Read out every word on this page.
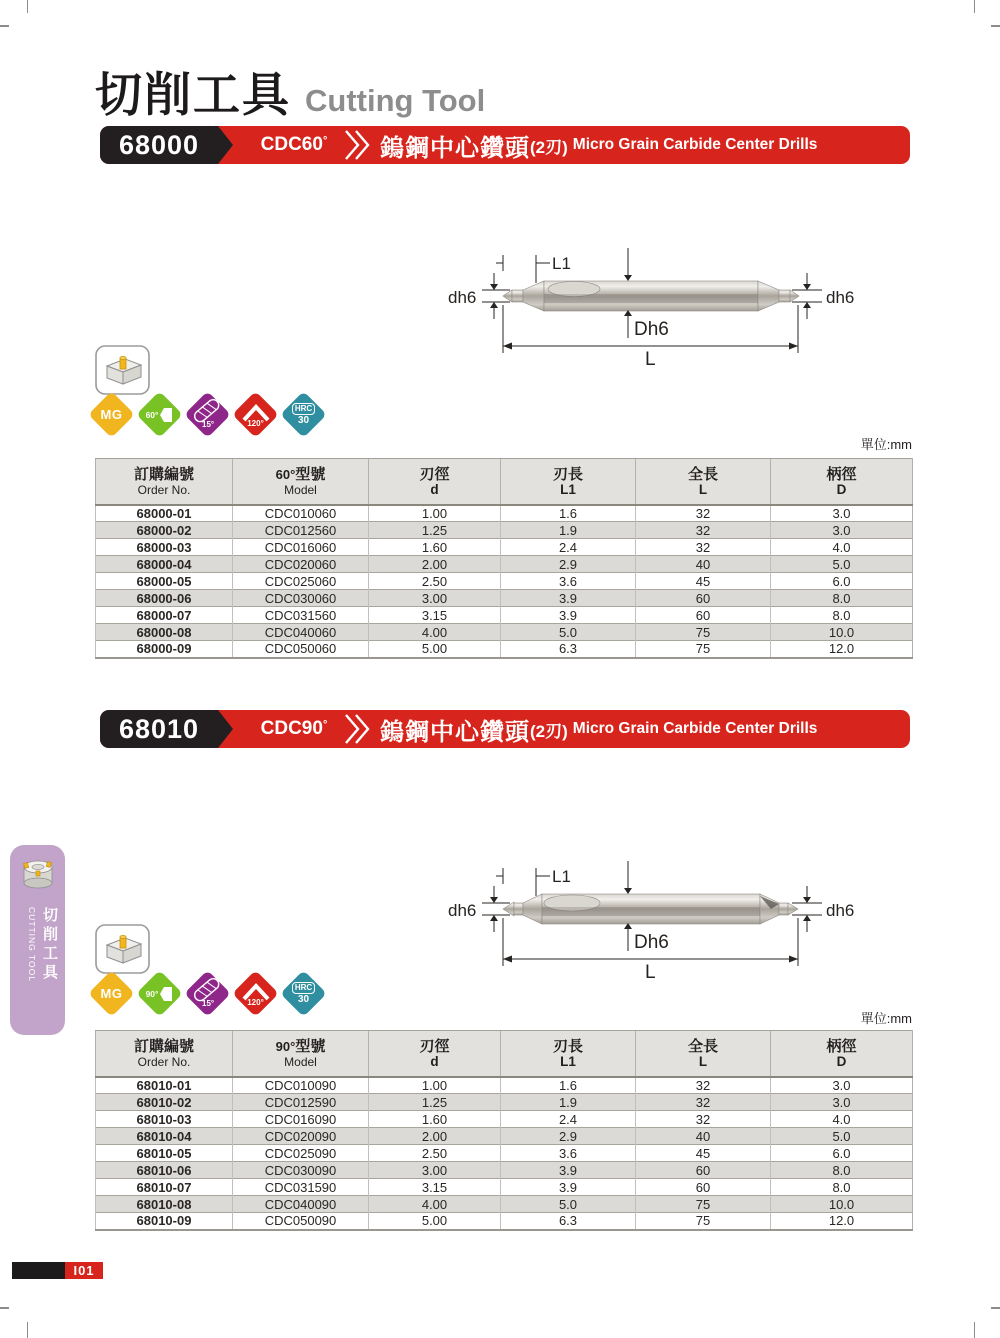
切削工具 Cutting Tool
68000	CDC60° 鎢鋼中心鑽頭 (2刃) Micro Grain Carbide Center Drills
L1
dh6	dh6
Dh6
L
MG	60°
15°	120°
HRC
30
單位:mm
訂購編號
Order No.

60°型號
Model

刃徑
d

刃長
L1

全長
L

柄徑
D

68000-01	CDC010060	1.00	1.6	32	3.0
68000-02	CDC012560	1.25	1.9	32	3.0
68000-03	CDC016060	1.60	2.4	32	4.0
68000-04	CDC020060	2.00	2.9	40	5.0
68000-05	CDC025060	2.50	3.6	45	6.0
68000-06	CDC030060	3.00	3.9	60	8.0
68000-07	CDC031560	3.15	3.9	60	8.0
68000-08	CDC040060	4.00	5.0	75	10.0
68000-09	CDC050060	5.00	6.3	75	12.0
68010	CDC90° 鎢鋼中心鑽頭 (2刃) Micro Grain Carbide Center Drills
L1
dh6	dh6
Dh6
L
MG	90°
15°	120°
HRC
30
單位:mm
訂購編號
Order No.

90°型號
Model

刃徑
d

刃長
L1

全長
L

柄徑
D

68010-01	CDC010090	1.00	1.6	32	3.0
68010-02	CDC012590	1.25	1.9	32	3.0
68010-03	CDC016090	1.60	2.4	32	4.0
68010-04	CDC020090	2.00	2.9	40	5.0
68010-05	CDC025090	2.50	3.6	45	6.0
68010-06	CDC030090	3.00	3.9	60	8.0
68010-07	CDC031590	3.15	3.9	60	8.0
68010-08	CDC040090	4.00	5.0	75	10.0
68010-09	CDC050090	5.00	6.3	75	12.0
切削工具
CUTTING TOOL
I01
